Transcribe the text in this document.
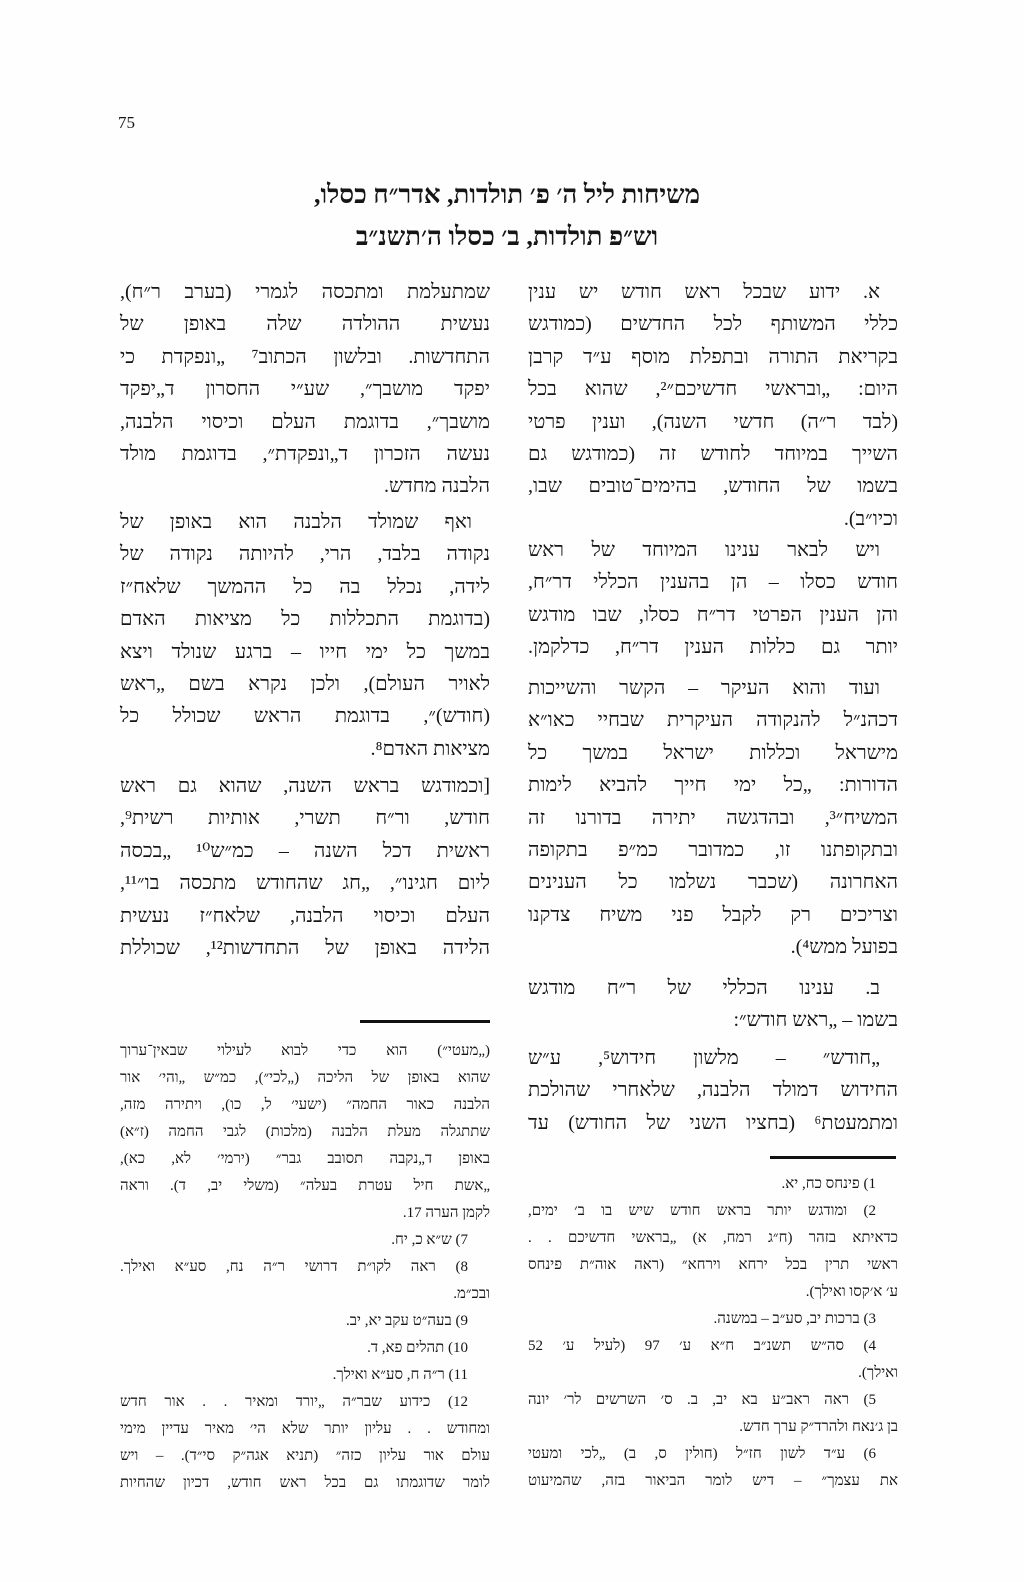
75
משיחות ליל ה׳ פ׳ תולדות, אדר״ח כסלו,
וש״פ תולדות, ב׳ כסלו ה׳תשנ״ב
א. ידוע שבכל ראש חודש יש ענין
כללי המשותף לכל החדשים (כמודגש
בקריאת התורה ובתפלת מוסף ע״ד קרבן
היום: „ובראשי חדשיכם״², שהוא בכל
(לבד ר״ה) חדשי השנה), וענין פרטי
השייך במיוחד לחודש זה (כמודגש גם
בשמו של החודש, בהימים־טובים שבו,
וכיו״ב).
ויש לבאר ענינו המיוחד של ראש
חודש כסלו – הן בהענין הכללי דר״ח,
והן הענין הפרטי דר״ח כסלו, שבו מודגש
יותר גם כללות הענין דר״ח, כדלקמן.
ועוד והוא העיקר – הקשר והשייכות
דכהנ״ל להנקודה העיקרית שבחיי כאו״א
מישראל וכללות ישראל במשך כל
הדורות: „כל ימי חייך להביא לימות
המשיח״³, ובהדגשה יתירה בדורנו זה
ובתקופתנו זו, כמדובר כמ״פ בתקופה
האחרונה (שכבר נשלמו כל הענינים
וצריכים רק לקבל פני משיח צדקנו
בפועל ממש⁴).
ב. ענינו הכללי של ר״ח מודגש
בשמו – „ראש חודש״:
„חודש״ – מלשון חידוש⁵, ע״ש
החידוש דמולד הלבנה, שלאחרי שהולכת
ומתמעטת⁶ (בחציו השני של החודש) עד
שמתעלמת ומתכסה לגמרי (בערב ר״ח),
נעשית ההולדה שלה באופן של
התחדשות. ובלשון הכתוב⁷ „ונפקדת כי
יפקד מושבך״, שע״י החסרון ד„יפקד
מושבך״, בדוגמת העלם וכיסוי הלבנה,
נעשה הזכרון ד„ונפקדת״, בדוגמת מולד
הלבנה מחדש.
ואף שמולד הלבנה הוא באופן של
נקודה בלבד, הרי, להיותה נקודה של
לידה, נכלל בה כל ההמשך שלאח״ז
(בדוגמת התכללות כל מציאות האדם
במשך כל ימי חייו – ברגע שנולד ויצא
לאויר העולם), ולכן נקרא בשם „ראש
(חודש)״, בדוגמת הראש שכולל כל
מציאות האדם⁸.
[וכמודגש בראש השנה, שהוא גם ראש
חודש, ור״ח תשרי, אותיות רשית⁹,
ראשית דכל השנה – כמ״ש¹⁰ „בכסה
ליום חגינו״, „חג שהחודש מתכסה בו״¹¹,
העלם וכיסוי הלבנה, שלאח״ז נעשית
הלידה באופן של התחדשות¹², שכוללת
1) פינחס כח, יא.
2) ומודגש יותר בראש חודש שיש בו ב׳ ימים,
כדאיתא בזהר (ח״ג רמח, א) „בראשי חדשיכם . .
ראשי תרין בכל ירחא וירחא״ (ראה אוה״ת פינחס
ע׳ א׳קסו ואילך).
3) ברכות יב, סע״ב – במשנה.
4) סה״ש תשנ״ב ח״א ע׳ 97 (לעיל ע׳ 52
ואילך).
5) ראה ראב״ע בא יב, ב. ס׳ השרשים לר׳ יונה
בן ג׳נאח ולהרד״ק ערך חדש.
6) ע״ד לשון חז״ל (חולין ס, ב) „לכי ומעטי
את עצמך״ – דיש לומר הביאור בזה, שהמיעוט
(„מעטי״) הוא כדי לבוא לעילוי שבאין־ערוך
שהוא באופן של הליכה („לכי״), כמ״ש „והי׳ אור
הלבנה כאור החמה״ (ישעי׳ ל, כו), ויתירה מזה,
שתתגלה מעלת הלבנה (מלכות) לגבי החמה (ז״א)
באופן ד„נקבה תסובב גבר״ (ירמי׳ לא, כא),
„אשת חיל עטרת בעלה״ (משלי יב, ד). וראה
לקמן הערה 17.
7) ש״א כ, יח.
8) ראה לקו״ת דרושי ר״ה נח, סע״א ואילך.
ובכ״מ.
9) בעה״ט עקב יא, יב.
10) תהלים פא, ד.
11) ר״ה ח, סע״א ואילך.
12) כידוע שבר״ה „יורד ומאיר . . אור חדש
ומחודש . . עליון יותר שלא הי׳ מאיר עדיין מימי
עולם אור עליון כזה״ (תניא אגה״ק סי״ד). – ויש
לומר שדוגמתו גם בכל ראש חודש, דכיון שהחיות
